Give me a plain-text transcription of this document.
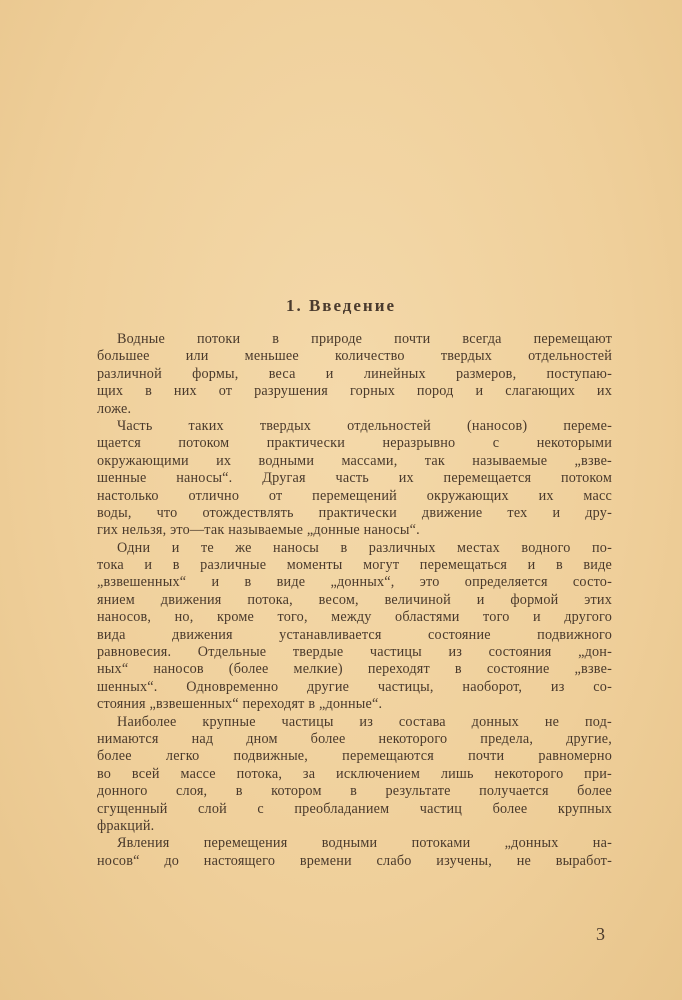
1. Введение
Водные потоки в природе почти всегда перемещают
большее или меньшее количество твердых отдельностей
различной формы, веса и линейных размеров, поступаю-
щих в них от разрушения горных пород и слагающих их
ложе.
Часть таких твердых отдельностей (наносов) переме-
щается потоком практически неразрывно с некоторыми
окружающими их водными массами, так называемые „взве-
шенные наносы“. Другая часть их перемещается потоком
настолько отлично от перемещений окружающих их масс
воды, что отождествлять практически движение тех и дру-
гих нельзя, это—так называемые „донные наносы“.
Одни и те же наносы в различных местах водного по-
тока и в различные моменты могут перемещаться и в виде
„взвешенных“ и в виде „донных“, это определяется состо-
янием движения потока, весом, величиной и формой этих
наносов, но, кроме того, между областями того и другого
вида движения устанавливается состояние подвижного
равновесия. Отдельные твердые частицы из состояния „дон-
ных“ наносов (более мелкие) переходят в состояние „взве-
шенных“. Одновременно другие частицы, наоборот, из со-
стояния „взвешенных“ переходят в „донные“.
Наиболее крупные частицы из состава донных не под-
нимаются над дном более некоторого предела, другие,
более легко подвижные, перемещаются почти равномерно
во всей массе потока, за исключением лишь некоторого при-
донного слоя, в котором в результате получается более
сгущенный слой с преобладанием частиц более крупных
фракций.
Явления перемещения водными потоками „донных на-
носов“ до настоящего времени слабо изучены, не выработ-
3
